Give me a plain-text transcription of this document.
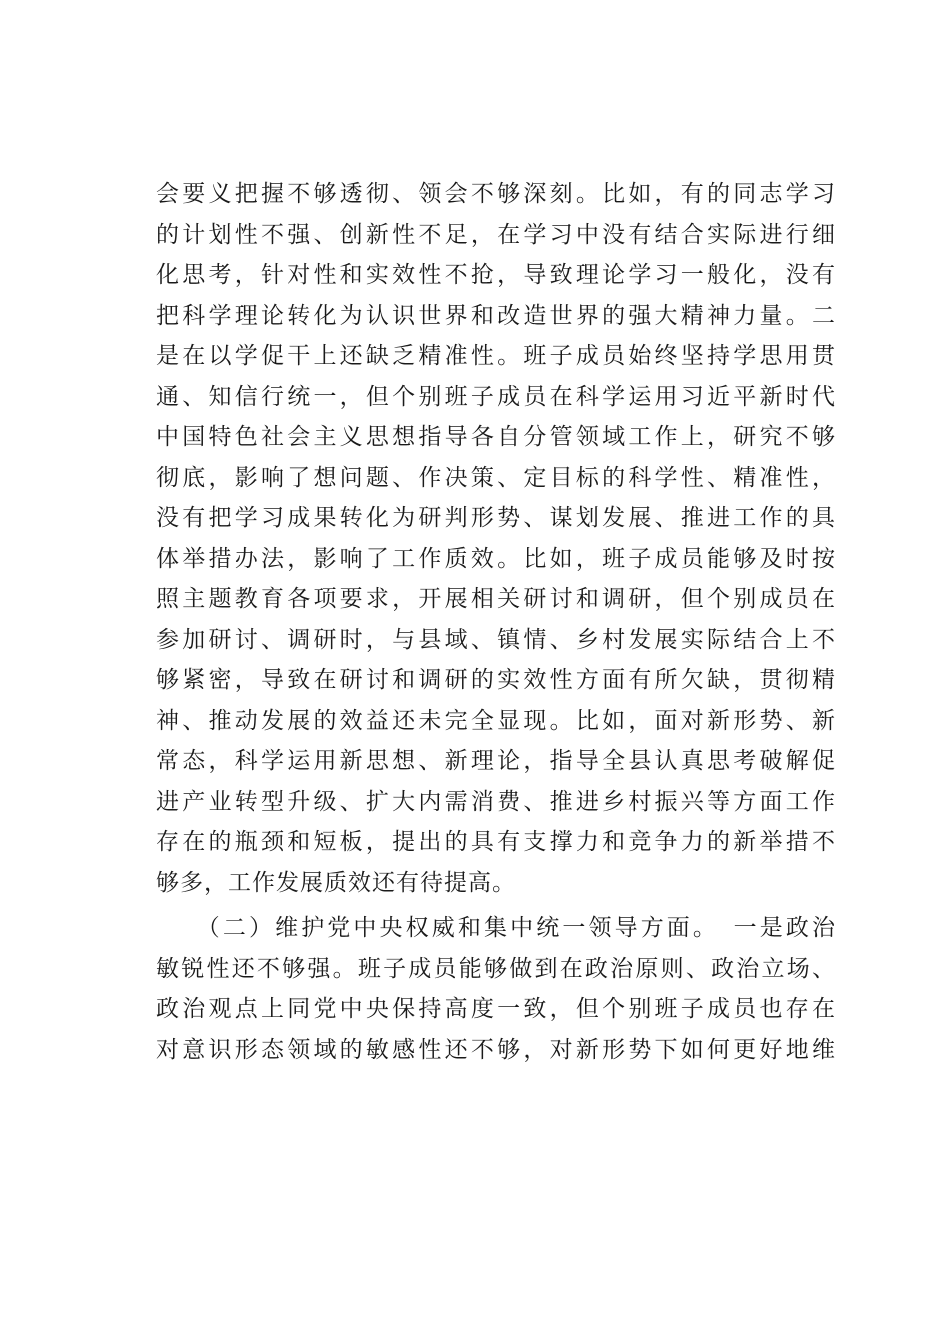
会要义把握不够透彻、领会不够深刻。比如，有的同志学习
的计划性不强、创新性不足，在学习中没有结合实际进行细
化思考，针对性和实效性不抢，导致理论学习一般化，没有
把科学理论转化为认识世界和改造世界的强大精神力量。二
是在以学促干上还缺乏精准性。班子成员始终坚持学思用贯
通、知信行统一，但个别班子成员在科学运用习近平新时代
中国特色社会主义思想指导各自分管领域工作上，研究不够
彻底，影响了想问题、作决策、定目标的科学性、精准性，
没有把学习成果转化为研判形势、谋划发展、推进工作的具
体举措办法，影响了工作质效。比如，班子成员能够及时按
照主题教育各项要求，开展相关研讨和调研，但个别成员在
参加研讨、调研时，与县域、镇情、乡村发展实际结合上不
够紧密，导致在研讨和调研的实效性方面有所欠缺，贯彻精
神、推动发展的效益还未完全显现。比如，面对新形势、新
常态，科学运用新思想、新理论，指导全县认真思考破解促
进产业转型升级、扩大内需消费、推进乡村振兴等方面工作
存在的瓶颈和短板，提出的具有支撑力和竞争力的新举措不
够多，工作发展质效还有待提高。
　　（二）维护党中央权威和集中统一领导方面。　一是政治
敏锐性还不够强。班子成员能够做到在政治原则、政治立场、
政治观点上同党中央保持高度一致，但个别班子成员也存在
对意识形态领域的敏感性还不够，对新形势下如何更好地维
